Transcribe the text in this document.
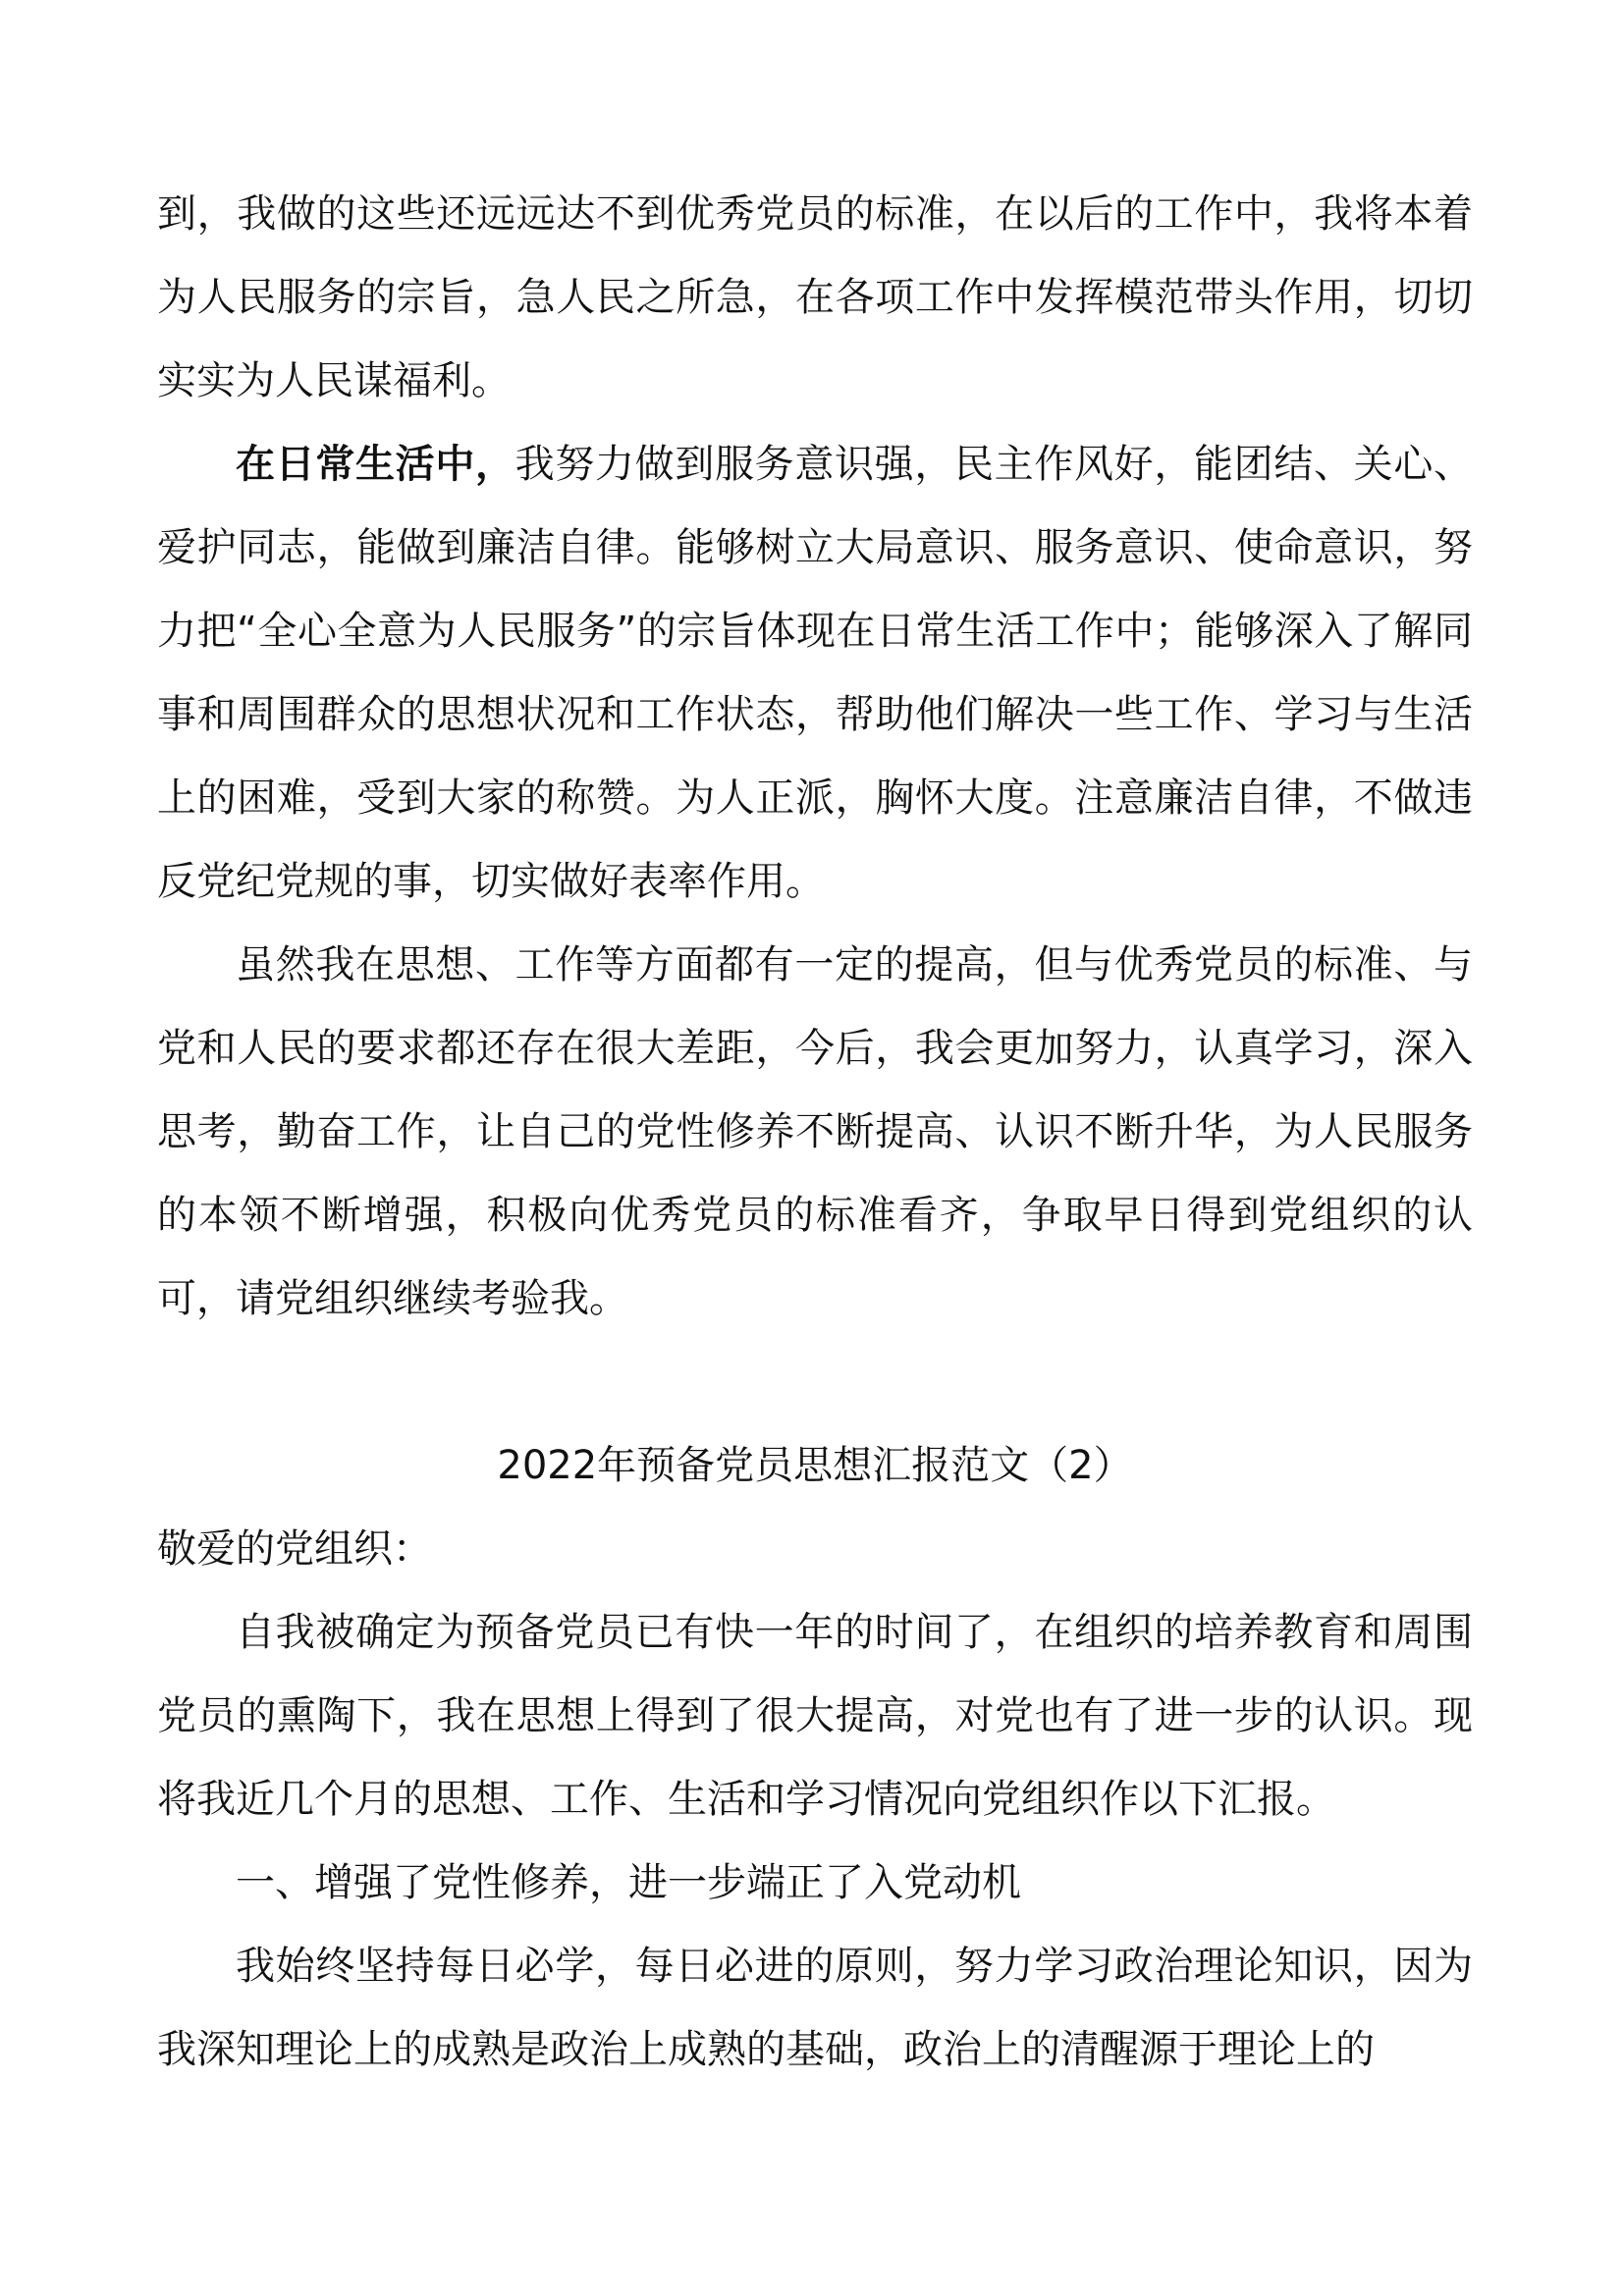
到，我做的这些还远远达不到优秀党员的标准，在以后的工作中，我将本着为人民服务的宗旨，急人民之所急，在各项工作中发挥模范带头作用，切切实实为人民谋福利。

在日常生活中，我努力做到服务意识强，民主作风好，能团结、关心、爱护同志，能做到廉洁自律。能够树立大局意识、服务意识、使命意识，努力把“全心全意为人民服务”的宗旨体现在日常生活工作中；能够深入了解同事和周围群众的思想状况和工作状态，帮助他们解决一些工作、学习与生活上的困难，受到大家的称赞。为人正派，胸怀大度。注意廉洁自律，不做违反党纪党规的事，切实做好表率作用。

虽然我在思想、工作等方面都有一定的提高，但与优秀党员的标准、与党和人民的要求都还存在很大差距，今后，我会更加努力，认真学习，深入思考，勤奋工作，让自己的党性修养不断提高、认识不断升华，为人民服务的本领不断增强，积极向优秀党员的标准看齐，争取早日得到党组织的认可，请党组织继续考验我。

2022年预备党员思想汇报范文（2）

敬爱的党组织：

自我被确定为预备党员已有快一年的时间了，在组织的培养教育和周围党员的熏陶下，我在思想上得到了很大提高，对党也有了进一步的认识。现将我近几个月的思想、工作、生活和学习情况向党组织作以下汇报。

一、增强了党性修养，进一步端正了入党动机

我始终坚持每日必学，每日必进的原则，努力学习政治理论知识，因为我深知理论上的成熟是政治上成熟的基础，政治上的清醒源于理论上的
